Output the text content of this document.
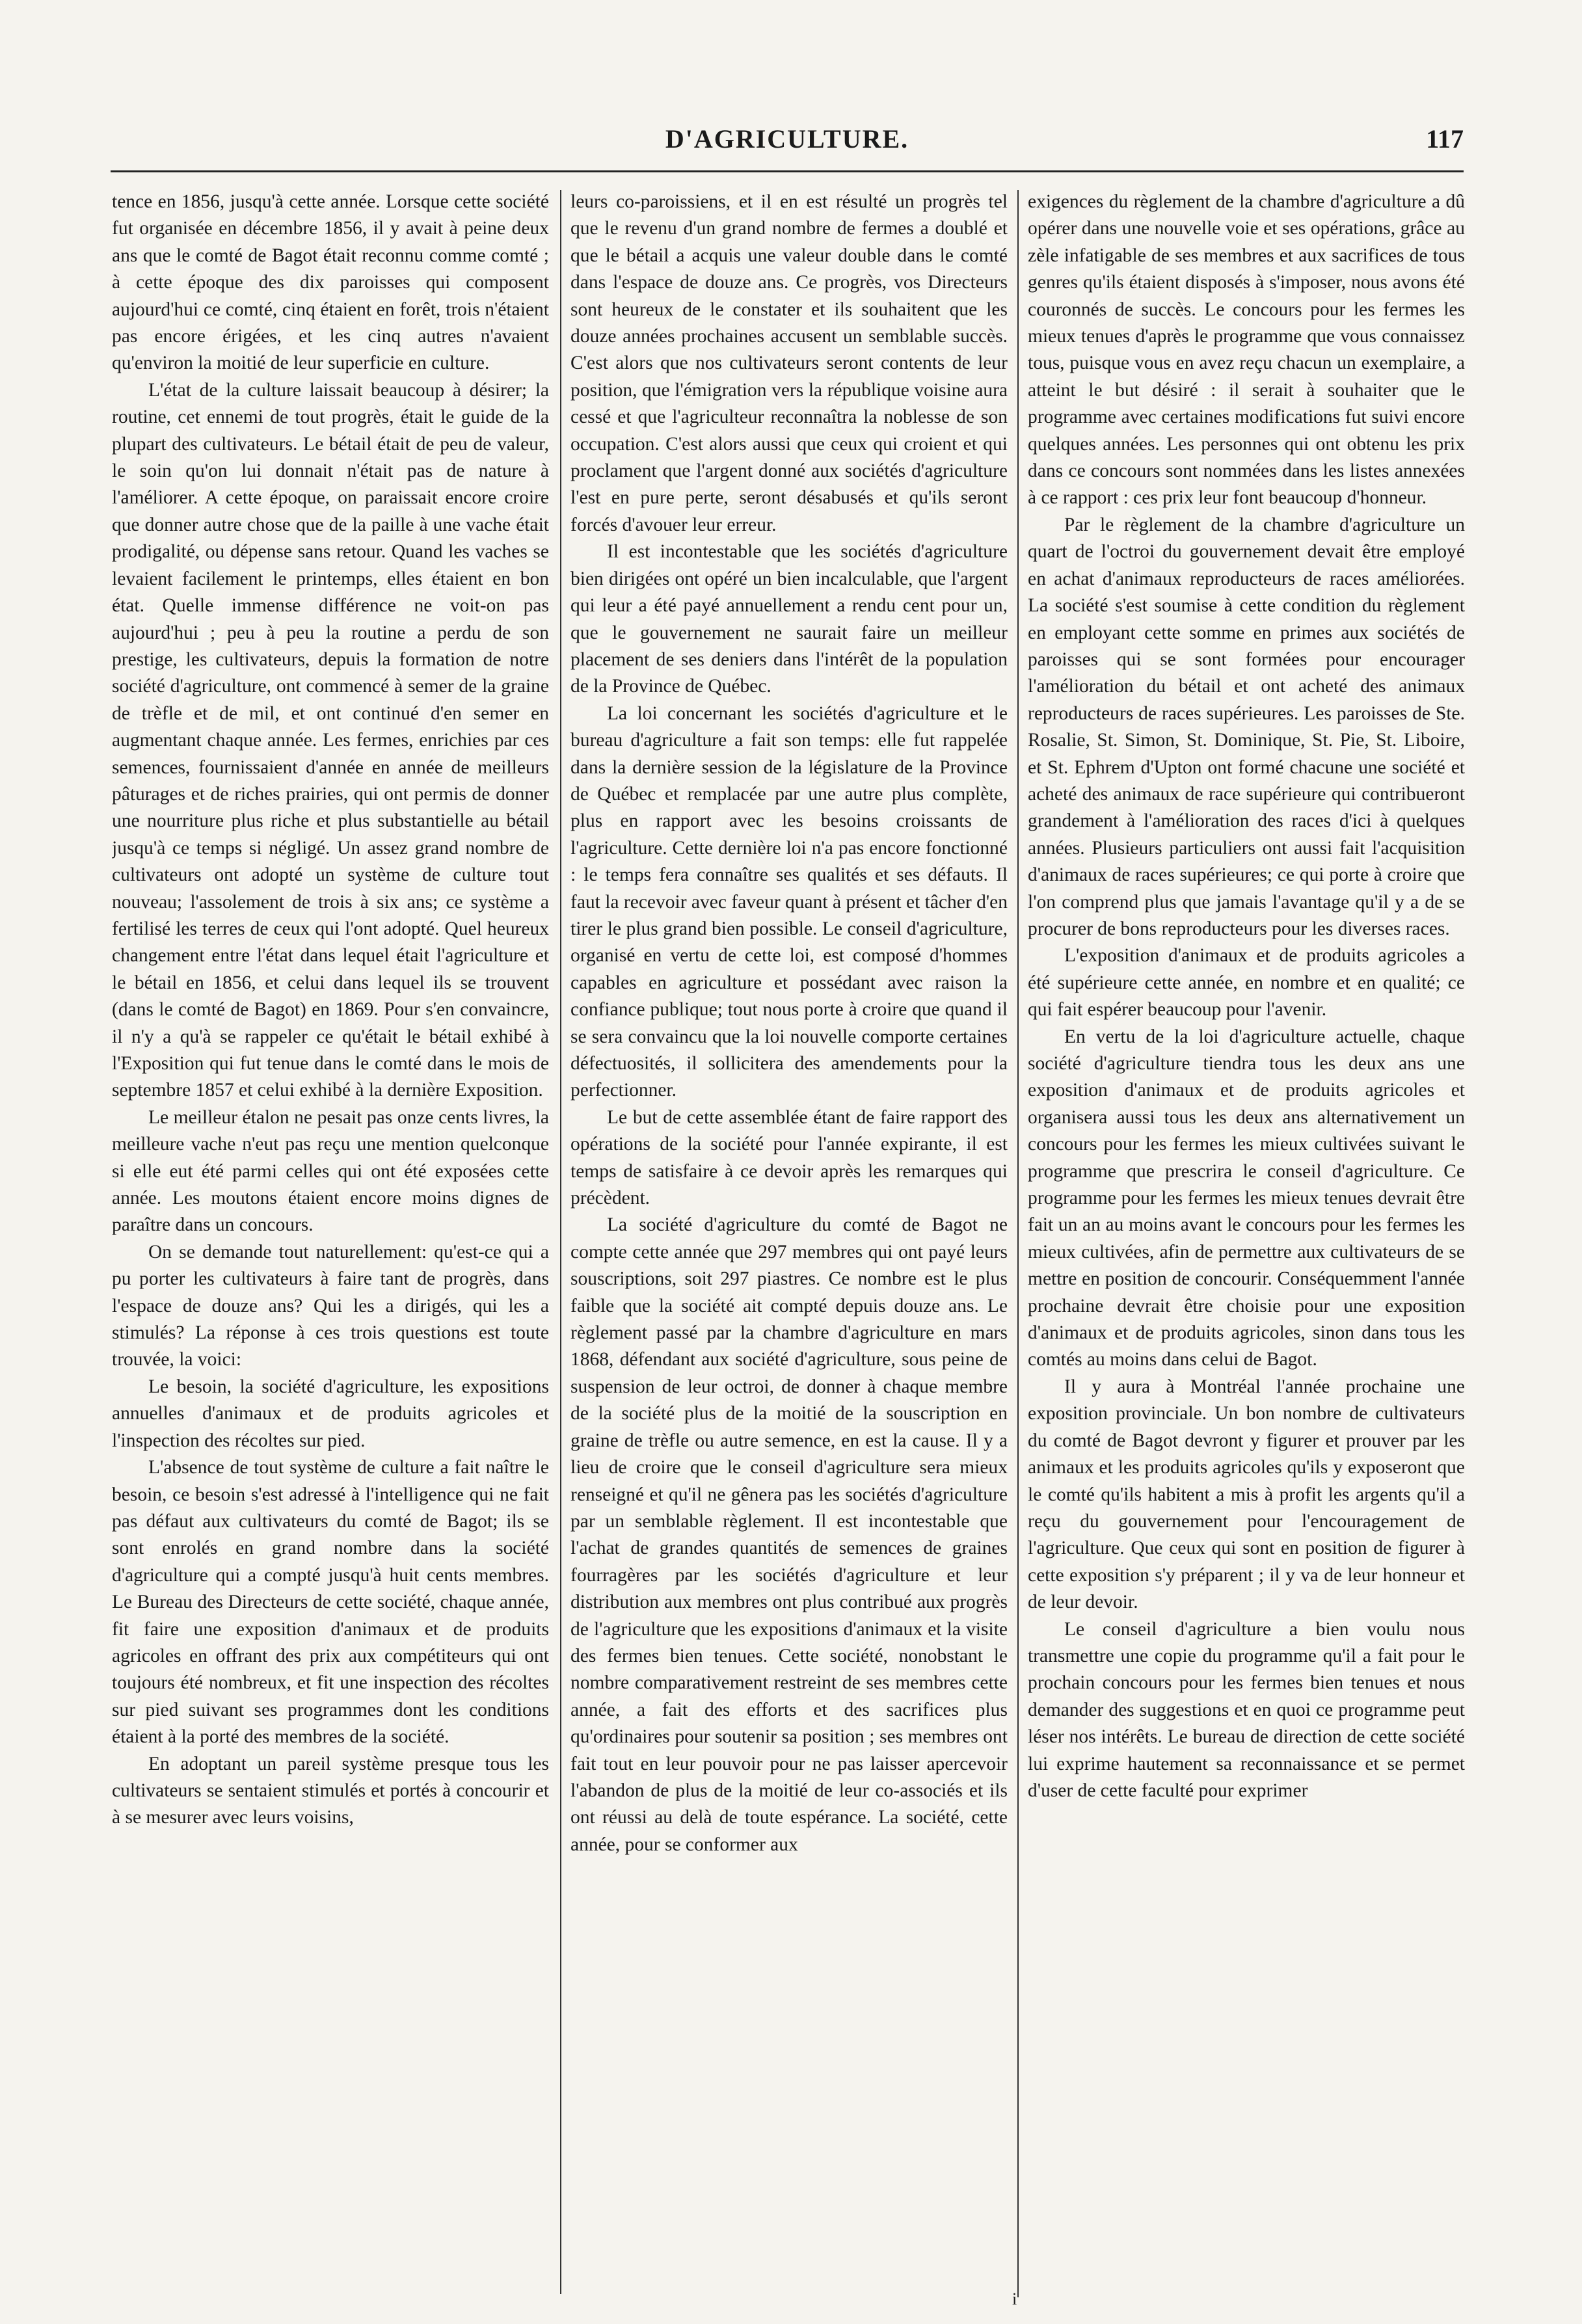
D'AGRICULTURE.	117

tence en 1856, jusqu'à cette année. Lorsque cette société fut organisée en décembre 1856, il y avait à peine deux ans que le comté de Bagot était reconnu comme comté ; à cette époque des dix paroisses qui composent aujourd'hui ce comté, cinq étaient en forêt, trois n'étaient pas encore érigées, et les cinq autres n'avaient qu'environ la moitié de leur superficie en culture.

L'état de la culture laissait beaucoup à désirer; la routine, cet ennemi de tout progrès, était le guide de la plupart des cultivateurs. Le bétail était de peu de valeur, le soin qu'on lui donnait n'était pas de nature à l'améliorer. A cette époque, on paraissait encore croire que donner autre chose que de la paille à une vache était prodigalité, ou dépense sans retour. Quand les vaches se levaient facilement le printemps, elles étaient en bon état. Quelle immense différence ne voit-on pas aujourd'hui ; peu à peu la routine a perdu de son prestige, les cultivateurs, depuis la formation de notre société d'agriculture, ont commencé à semer de la graine de trèfle et de mil, et ont continué d'en semer en augmentant chaque année. Les fermes, enrichies par ces semences, fournissaient d'année en année de meilleurs pâturages et de riches prairies, qui ont permis de donner une nourriture plus riche et plus substantielle au bétail jusqu'à ce temps si négligé. Un assez grand nombre de cultivateurs ont adopté un système de culture tout nouveau; l'assolement de trois à six ans; ce système a fertilisé les terres de ceux qui l'ont adopté. Quel heureux changement entre l'état dans lequel était l'agriculture et le bétail en 1856, et celui dans lequel ils se trouvent (dans le comté de Bagot) en 1869. Pour s'en convaincre, il n'y a qu'à se rappeler ce qu'était le bétail exhibé à l'Exposition qui fut tenue dans le comté dans le mois de septembre 1857 et celui exhibé à la dernière Exposition.

Le meilleur étalon ne pesait pas onze cents livres, la meilleure vache n'eut pas reçu une mention quelconque si elle eut été parmi celles qui ont été exposées cette année. Les moutons étaient encore moins dignes de paraître dans un concours.

On se demande tout naturellement: qu'est-ce qui a pu porter les cultivateurs à faire tant de progrès, dans l'espace de douze ans? Qui les a dirigés, qui les a stimulés? La réponse à ces trois questions est toute trouvée, la voici:

Le besoin, la société d'agriculture, les expositions annuelles d'animaux et de produits agricoles et l'inspection des récoltes sur pied.

L'absence de tout système de culture a fait naître le besoin, ce besoin s'est adressé à l'intelligence qui ne fait pas défaut aux cultivateurs du comté de Bagot; ils se sont enrolés en grand nombre dans la société d'agriculture qui a compté jusqu'à huit cents membres. Le Bureau des Directeurs de cette société, chaque année, fit faire une exposition d'animaux et de produits agricoles en offrant des prix aux compétiteurs qui ont toujours été nombreux, et fit une inspection des récoltes sur pied suivant ses programmes dont les conditions étaient à la porté des membres de la société.

En adoptant un pareil système presque tous les cultivateurs se sentaient stimulés et portés à concourir et à se mesurer avec leurs voisins,

leurs co-paroissiens, et il en est résulté un progrès tel que le revenu d'un grand nombre de fermes a doublé et que le bétail a acquis une valeur double dans le comté dans l'espace de douze ans. Ce progrès, vos Directeurs sont heureux de le constater et ils souhaitent que les douze années prochaines accusent un semblable succès. C'est alors que nos cultivateurs seront contents de leur position, que l'émigration vers la république voisine aura cessé et que l'agriculteur reconnaîtra la noblesse de son occupation. C'est alors aussi que ceux qui croient et qui proclament que l'argent donné aux sociétés d'agriculture l'est en pure perte, seront désabusés et qu'ils seront forcés d'avouer leur erreur.

Il est incontestable que les sociétés d'agriculture bien dirigées ont opéré un bien incalculable, que l'argent qui leur a été payé annuellement a rendu cent pour un, que le gouvernement ne saurait faire un meilleur placement de ses deniers dans l'intérêt de la population de la Province de Québec.

La loi concernant les sociétés d'agriculture et le bureau d'agriculture a fait son temps: elle fut rappelée dans la dernière session de la législature de la Province de Québec et remplacée par une autre plus complète, plus en rapport avec les besoins croissants de l'agriculture. Cette dernière loi n'a pas encore fonctionné : le temps fera connaître ses qualités et ses défauts. Il faut la recevoir avec faveur quant à présent et tâcher d'en tirer le plus grand bien possible. Le conseil d'agriculture, organisé en vertu de cette loi, est composé d'hommes capables en agriculture et possédant avec raison la confiance publique; tout nous porte à croire que quand il se sera convaincu que la loi nouvelle comporte certaines défectuosités, il sollicitera des amendements pour la perfectionner.

Le but de cette assemblée étant de faire rapport des opérations de la société pour l'année expirante, il est temps de satisfaire à ce devoir après les remarques qui précèdent.

La société d'agriculture du comté de Bagot ne compte cette année que 297 membres qui ont payé leurs souscriptions, soit 297 piastres. Ce nombre est le plus faible que la société ait compté depuis douze ans. Le règlement passé par la chambre d'agriculture en mars 1868, défendant aux société d'agriculture, sous peine de suspension de leur octroi, de donner à chaque membre de la société plus de la moitié de la souscription en graine de trèfle ou autre semence, en est la cause. Il y a lieu de croire que le conseil d'agriculture sera mieux renseigné et qu'il ne gênera pas les sociétés d'agriculture par un semblable règlement. Il est incontestable que l'achat de grandes quantités de semences de graines fourragères par les sociétés d'agriculture et leur distribution aux membres ont plus contribué aux progrès de l'agriculture que les expositions d'animaux et la visite des fermes bien tenues. Cette société, nonobstant le nombre comparativement restreint de ses membres cette année, a fait des efforts et des sacrifices plus qu'ordinaires pour soutenir sa position ; ses membres ont fait tout en leur pouvoir pour ne pas laisser apercevoir l'abandon de plus de la moitié de leur co-associés et ils ont réussi au delà de toute espérance. La société, cette année, pour se conformer aux

exigences du règlement de la chambre d'agriculture a dû opérer dans une nouvelle voie et ses opérations, grâce au zèle infatigable de ses membres et aux sacrifices de tous genres qu'ils étaient disposés à s'imposer, nous avons été couronnés de succès. Le concours pour les fermes les mieux tenues d'après le programme que vous connaissez tous, puisque vous en avez reçu chacun un exemplaire, a atteint le but désiré : il serait à souhaiter que le programme avec certaines modifications fut suivi encore quelques années. Les personnes qui ont obtenu les prix dans ce concours sont nommées dans les listes annexées à ce rapport : ces prix leur font beaucoup d'honneur.

Par le règlement de la chambre d'agriculture un quart de l'octroi du gouvernement devait être employé en achat d'animaux reproducteurs de races améliorées. La société s'est soumise à cette condition du règlement en employant cette somme en primes aux sociétés de paroisses qui se sont formées pour encourager l'amélioration du bétail et ont acheté des animaux reproducteurs de races supérieures. Les paroisses de Ste. Rosalie, St. Simon, St. Dominique, St. Pie, St. Liboire, et St. Ephrem d'Upton ont formé chacune une société et acheté des animaux de race supérieure qui contribueront grandement à l'amélioration des races d'ici à quelques années. Plusieurs particuliers ont aussi fait l'acquisition d'animaux de races supérieures; ce qui porte à croire que l'on comprend plus que jamais l'avantage qu'il y a de se procurer de bons reproducteurs pour les diverses races.

L'exposition d'animaux et de produits agricoles a été supérieure cette année, en nombre et en qualité; ce qui fait espérer beaucoup pour l'avenir.

En vertu de la loi d'agriculture actuelle, chaque société d'agriculture tiendra tous les deux ans une exposition d'animaux et de produits agricoles et organisera aussi tous les deux ans alternativement un concours pour les fermes les mieux cultivées suivant le programme que prescrira le conseil d'agriculture. Ce programme pour les fermes les mieux tenues devrait être fait un an au moins avant le concours pour les fermes les mieux cultivées, afin de permettre aux cultivateurs de se mettre en position de concourir. Conséquemment l'année prochaine devrait être choisie pour une exposition d'animaux et de produits agricoles, sinon dans tous les comtés au moins dans celui de Bagot.

Il y aura à Montréal l'année prochaine une exposition provinciale. Un bon nombre de cultivateurs du comté de Bagot devront y figurer et prouver par les animaux et les produits agricoles qu'ils y exposeront que le comté qu'ils habitent a mis à profit les argents qu'il a reçu du gouvernement pour l'encouragement de l'agriculture. Que ceux qui sont en position de figurer à cette exposition s'y préparent ; il y va de leur honneur et de leur devoir.

Le conseil d'agriculture a bien voulu nous transmettre une copie du programme qu'il a fait pour le prochain concours pour les fermes bien tenues et nous demander des suggestions et en quoi ce programme peut léser nos intérêts. Le bureau de direction de cette société lui exprime hautement sa reconnaissance et se permet d'user de cette faculté pour exprimer

i
